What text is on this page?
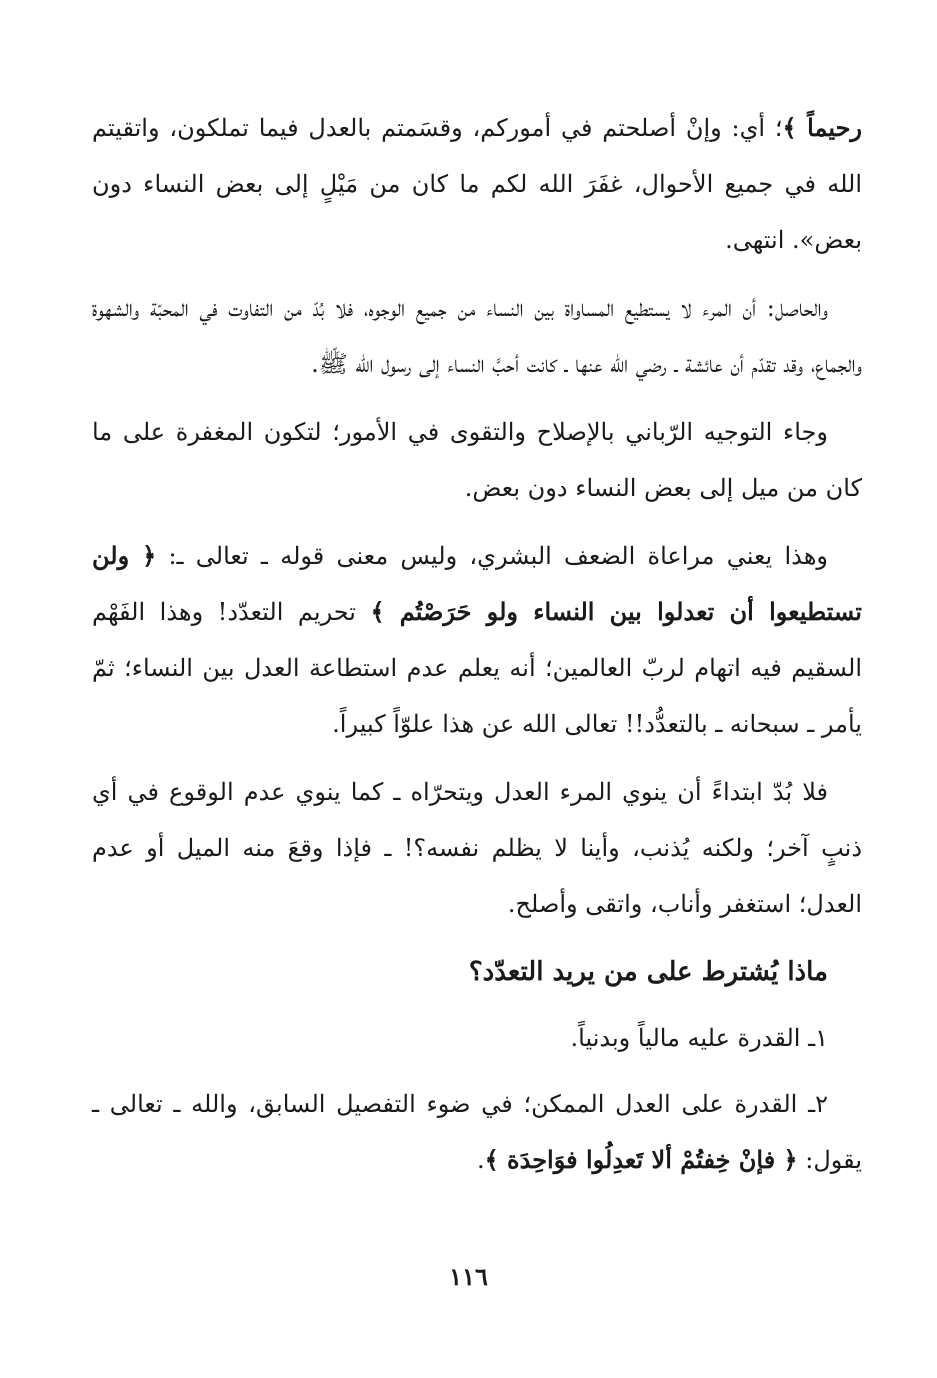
رحيماً ﴾؛ أي: وإنْ أصلحتم في أموركم، وقسَمتم بالعدل فيما تملكون، واتقيتم الله في جميع الأحوال، غفَرَ الله لكم ما كان من مَيْلٍ إلى بعض النساء دون بعض». انتهى.

والحاصل: أن المرء لا يستطيع المساواة بين النساء من جميع الوجوه، فلا بُدّ من التفاوت في المحبّة والشهوة والجماع، وقد تقدّم أن عائشة ـ رضي الله عنها ـ كانت أحبَّ النساء إلى رسول الله ﷺ.

وجاء التوجيه الرّباني بالإصلاح والتقوى في الأمور؛ لتكون المغفرة على ما كان من ميل إلى بعض النساء دون بعض.

وهذا يعني مراعاة الضعف البشري، وليس معنى قوله ـ تعالى ـ: ﴿ ولن تستطيعوا أن تعدلوا بين النساء ولو حَرَصْتُم ﴾ تحريم التعدّد! وهذا الفَهْم السقيم فيه اتهام لربّ العالمين؛ أنه يعلم عدم استطاعة العدل بين النساء؛ ثمّ يأمر ـ سبحانه ـ بالتعدُّد!! تعالى الله عن هذا علوّاً كبيراً.

فلا بُدّ ابتداءً أن ينوي المرء العدل ويتحرّاه ـ كما ينوي عدم الوقوع في أي ذنبٍ آخر؛ ولكنه يُذنب، وأينا لا يظلم نفسه؟! ـ فإذا وقعَ منه الميل أو عدم العدل؛ استغفر وأناب، واتقى وأصلح.

ماذا يُشترط على من يريد التعدّد؟

١ـ القدرة عليه مالياً وبدنياً.

٢ـ القدرة على العدل الممكن؛ في ضوء التفصيل السابق، والله ـ تعالى ـ يقول: ﴿ فإنْ خِفتُمْ ألا تَعدِلُوا فوَاحِدَة ﴾.

١١٦
